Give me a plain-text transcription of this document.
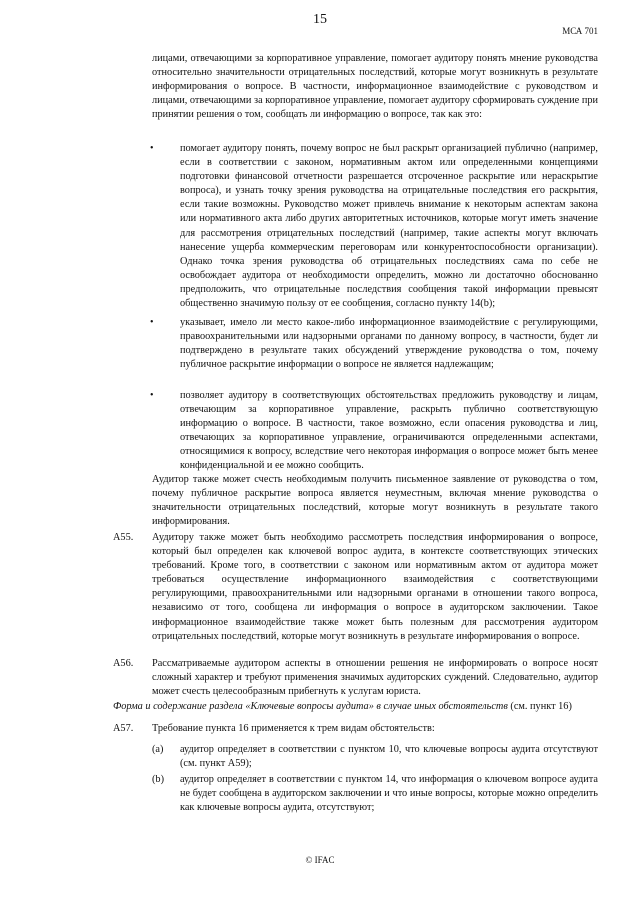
15
МСА 701

лицами, отвечающими за корпоративное управление, помогает аудитору понять мнение руководства относительно значительности отрицательных последствий, которые могут возникнуть в результате информирования о вопросе. В частности, информационное взаимодействие с руководством и лицами, отвечающими за корпоративное управление, помогает аудитору сформировать суждение при принятии решения о том, сообщать ли информацию о вопросе, так как это:

•	помогает аудитору понять, почему вопрос не был раскрыт организацией публично (например, если в соответствии с законом, нормативным актом или определенными концепциями подготовки финансовой отчетности разрешается отсроченное раскрытие или нераскрытие вопроса), и узнать точку зрения руководства на отрицательные последствия его раскрытия, если такие возможны. Руководство может привлечь внимание к некоторым аспектам закона или нормативного акта либо других авторитетных источников, которые могут иметь значение для рассмотрения отрицательных последствий (например, такие аспекты могут включать нанесение ущерба коммерческим переговорам или конкурентоспособности организации). Однако точка зрения руководства об отрицательных последствиях сама по себе не освобождает аудитора от необходимости определить, можно ли достаточно обоснованно предположить, что отрицательные последствия сообщения такой информации превысят общественно значимую пользу от ее сообщения, согласно пункту 14(b);

•	указывает, имело ли место какое-либо информационное взаимодействие с регулирующими, правоохранительными или надзорными органами по данному вопросу, в частности, будет ли подтверждено в результате таких обсуждений утверждение руководства о том, почему публичное раскрытие информации о вопросе не является надлежащим;

•	позволяет аудитору в соответствующих обстоятельствах предложить руководству и лицам, отвечающим за корпоративное управление, раскрыть публично соответствующую информацию о вопросе. В частности, такое возможно, если опасения руководства и лиц, отвечающих за корпоративное управление, ограничиваются определенными аспектами, относящимися к вопросу, вследствие чего некоторая информация о вопросе может быть менее конфиденциальной и ее можно сообщить.

Аудитор также может счесть необходимым получить письменное заявление от руководства о том, почему публичное раскрытие вопроса является неуместным, включая мнение руководства о значительности отрицательных последствий, которые могут возникнуть в результате такого информирования.

A55. Аудитору также может быть необходимо рассмотреть последствия информирования о вопросе, который был определен как ключевой вопрос аудита, в контексте соответствующих этических требований. Кроме того, в соответствии с законом или нормативным актом от аудитора может требоваться осуществление информационного взаимодействия с соответствующими регулирующими, правоохранительными или надзорными органами в отношении такого вопроса, независимо от того, сообщена ли информация о вопросе в аудиторском заключении. Такое информационное взаимодействие также может быть полезным для рассмотрения аудитором отрицательных последствий, которые могут возникнуть в результате информирования о вопросе.

A56. Рассматриваемые аудитором аспекты в отношении решения не информировать о вопросе носят сложный характер и требуют применения значимых аудиторских суждений. Следовательно, аудитор может счесть целесообразным прибегнуть к услугам юриста.

Форма и содержание раздела «Ключевые вопросы аудита» в случае иных обстоятельств (см. пункт 16)
A57. Требование пункта 16 применяется к трем видам обстоятельств:

(a) аудитор определяет в соответствии с пунктом 10, что ключевые вопросы аудита отсутствуют (см. пункт A59);

(b) аудитор определяет в соответствии с пунктом 14, что информация о ключевом вопросе аудита не будет сообщена в аудиторском заключении и что иные вопросы, которые можно определить как ключевые вопросы аудита, отсутствуют;

© IFAC
